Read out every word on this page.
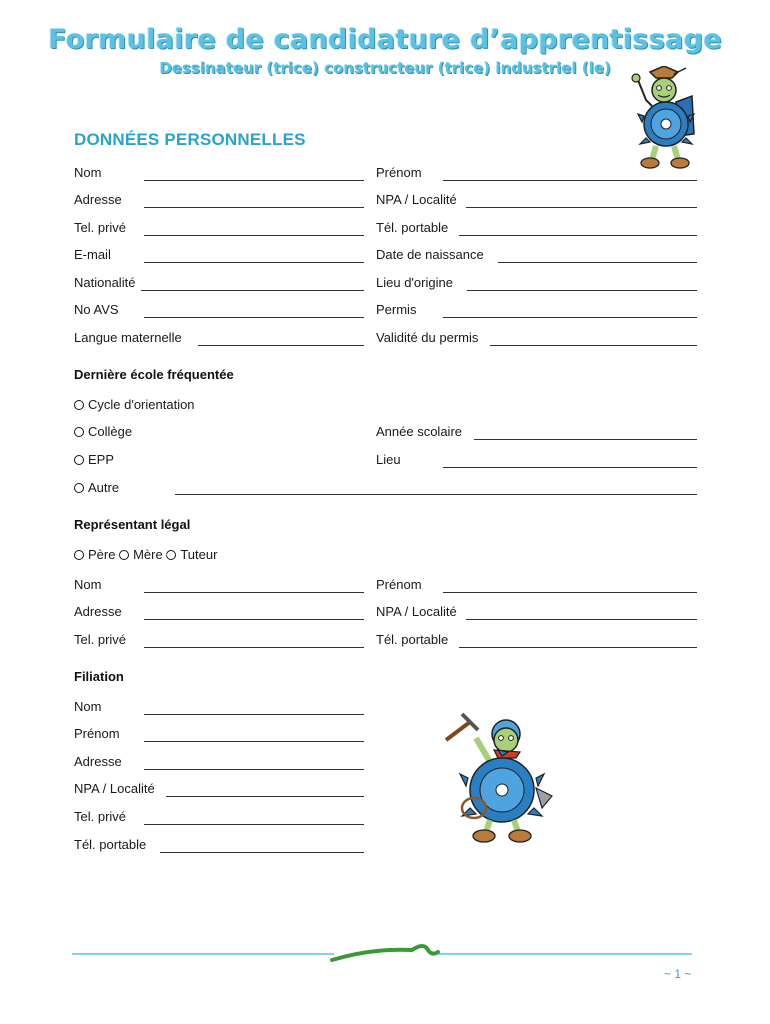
Formulaire de candidature d’apprentissage
Dessinateur (trice) constructeur (trice) industriel (le)
DONNÉES PERSONNELLES
Nom
Adresse
Tel. privé
E-mail
Nationalité
No AVS
Langue maternelle
Prénom
NPA / Localité
Tél. portable
Date de naissance
Lieu d'origine
Permis
Validité du permis
Dernière école fréquentée
Cycle d'orientation
Collège
EPP
Autre
Année scolaire
Lieu
Représentant légal
Père Mère Tuteur
Nom
Adresse
Tel. privé
Prénom
NPA / Localité
Tél. portable
Filiation
Nom
Prénom
Adresse
NPA / Localité
Tel. privé
Tél. portable
~ 1 ~
